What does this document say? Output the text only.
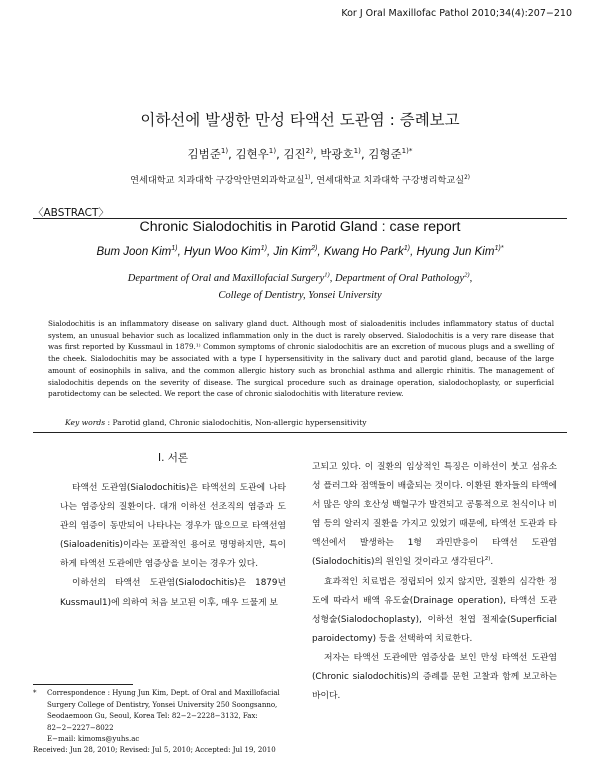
Kor J Oral Maxillofac Pathol 2010;34(4):207−210
이하선에 발생한 만성 타액선 도관염 : 증례보고
김범준$^{1)}$, 김현우$^{1)}$, 김진$^{2)}$, 박광호$^{1)}$, 김형준$^{1)*}$
연세대학교 치과대학 구강악안면외과학교실$^{1)}$, 연세대학교 치과대학 구강병리학교실$^{2)}$
〈ABSTRACT〉
Chronic Sialodochitis in Parotid Gland : case report
Bum Joon Kim$^{1)}$, Hyun Woo Kim$^{1)}$, Jin Kim$^{2)}$, Kwang Ho Park$^{1)}$, Hyung Jun Kim$^{1)*}$
Department of Oral and Maxillofacial Surgery$^{1)}$, Department of Oral Pathology$^{2)}$,
College of Dentistry, Yonsei University
Sialodochitis is an inflammatory disease on salivary gland duct. Although most of sialoadenitis includes inflammatory status of ductal system, an unusual behavior such as localized inflammation only in the duct is rarely observed. Sialodochitis is a very rare disease that was first reported by Kussmaul in 1879.¹⁾ Common symptoms of chronic sialodochitis are an excretion of mucous plugs and a swelling of the cheek. Sialodochitis may be associated with a type I hypersensitivity in the salivary duct and parotid gland, because of the large amount of eosinophils in saliva, and the common allergic history such as bronchial asthma and allergic rhinitis. The management of sialodochitis depends on the severity of disease. The surgical procedure such as drainage operation, sialodochoplasty, or superficial parotidectomy can be selected. We report the case of chronic sialodochitis with literature review.
Key words : Parotid gland, Chronic sialodochitis, Non-allergic hypersensitivity
Ⅰ. 서론

타액선 도관염(Sialodochitis)은 타액선의 도관에 나타나는 염증상의 질환이다. 대개 이하선 선조직의 염증과 도관의 염증이 동반되어 나타나는 경우가 많으므로 타액선염(Sialoadenitis)이라는 포괄적인 용어로 명명하지만, 특이하게 타액선 도관에만 염증상을 보이는 경우가 있다.

이하선의 타액선 도관염(Sialodochitis)은 1879년 Kussmaul1)에 의하여 처음 보고된 이후, 매우 드물게 보

고되고 있다. 이 질환의 임상적인 특징은 이하선이 붓고 섬유소성 플러그와 점액들이 배출되는 것이다. 이환된 환자들의 타액에서 많은 양의 호산성 백혈구가 발견되고 공통적으로 천식이나 비염 등의 알러지 질환을 가지고 있었기 때문에, 타액선 도관과 타액선에서 발생하는 1형 과민반응이 타액선 도관염(Sialodochitis)의 원인일 것이라고 생각된다$^{2)}$.

효과적인 치료법은 정립되어 있지 않지만, 질환의 심각한 정도에 따라서 배액 유도술(Drainage operation), 타액선 도관 성형술(Sialodochoplasty), 이하선 천엽 절제술(Superficial paroidectomy) 등을 선택하여 치료한다.

저자는 타액선 도관에만 염증상을 보인 만성 타액선 도관염(Chronic sialodochitis)의 증례를 문헌 고찰과 함께 보고하는 바이다.

*	Correspondence : Hyung Jun Kim, Dept. of Oral and Maxillofacial Surgery College of Dentistry, Yonsei University 250 Soongsanno, Seodaemoon Gu, Seoul, Korea Tel: 82−2−2228−3132, Fax: 82−2−2227−8022
E−mail: kimoms@yuhs.ac
Received: Jun 28, 2010; Revised: Jul 5, 2010; Accepted: Jul 19, 2010
